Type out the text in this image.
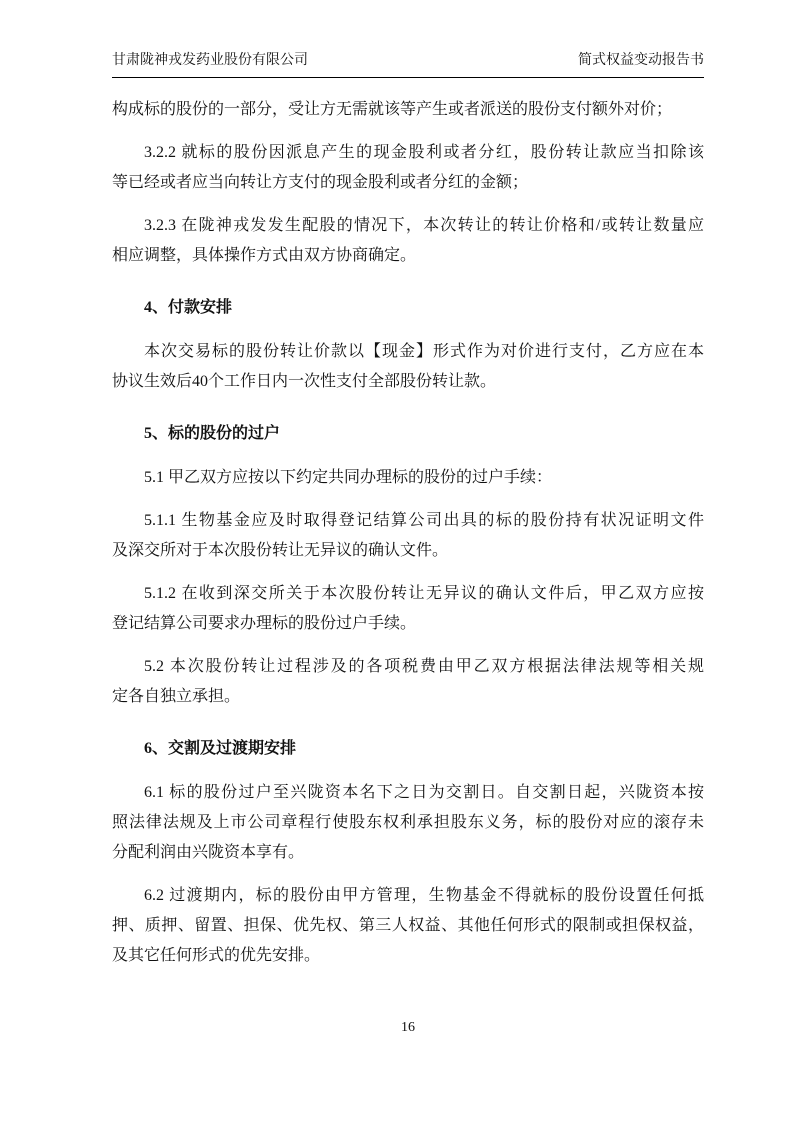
甘肃陇神戎发药业股份有限公司	简式权益变动报告书
构成标的股份的一部分，受让方无需就该等产生或者派送的股份支付额外对价；
3.2.2 就标的股份因派息产生的现金股利或者分红，股份转让款应当扣除该
等已经或者应当向转让方支付的现金股利或者分红的金额；
3.2.3 在陇神戎发发生配股的情况下，本次转让的转让价格和/或转让数量应
相应调整，具体操作方式由双方协商确定。
4、付款安排
本次交易标的股份转让价款以【现金】形式作为对价进行支付，乙方应在本
协议生效后40个工作日内一次性支付全部股份转让款。
5、标的股份的过户
5.1 甲乙双方应按以下约定共同办理标的股份的过户手续：
5.1.1 生物基金应及时取得登记结算公司出具的标的股份持有状况证明文件
及深交所对于本次股份转让无异议的确认文件。
5.1.2 在收到深交所关于本次股份转让无异议的确认文件后，甲乙双方应按
登记结算公司要求办理标的股份过户手续。
5.2 本次股份转让过程涉及的各项税费由甲乙双方根据法律法规等相关规
定各自独立承担。
6、交割及过渡期安排
6.1 标的股份过户至兴陇资本名下之日为交割日。自交割日起，兴陇资本按
照法律法规及上市公司章程行使股东权利承担股东义务，标的股份对应的滚存未
分配利润由兴陇资本享有。
6.2 过渡期内，标的股份由甲方管理，生物基金不得就标的股份设置任何抵
押、质押、留置、担保、优先权、第三人权益、其他任何形式的限制或担保权益，
及其它任何形式的优先安排。
16
